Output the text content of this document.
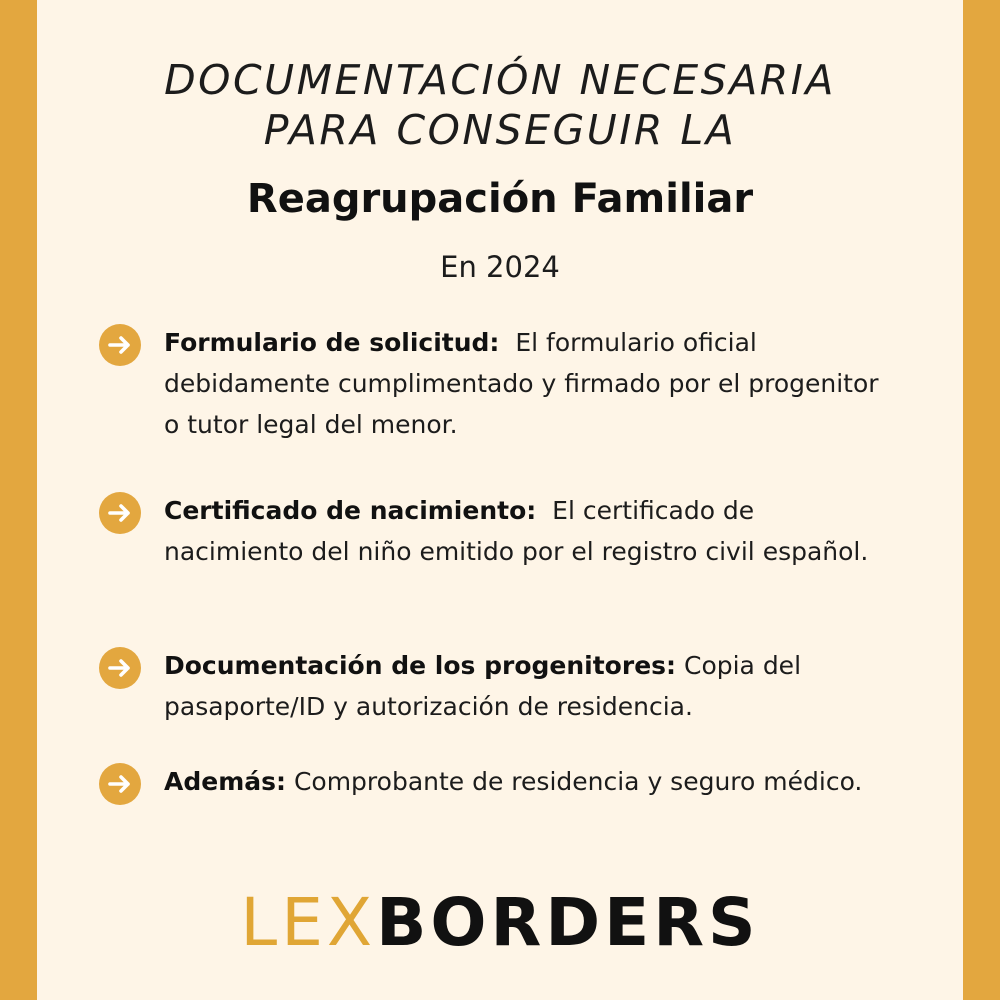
DOCUMENTACIÓN NECESARIA
PARA CONSEGUIR LA
Reagrupación Familiar
En 2024
Formulario de solicitud: El formulario oficial debidamente cumplimentado y firmado por el progenitor o tutor legal del menor.
Certificado de nacimiento: El certificado de nacimiento del niño emitido por el registro civil español.
Documentación de los progenitores: Copia del pasaporte/ID y autorización de residencia.
Además: Comprobante de residencia y seguro médico.
LEXBORDERS
